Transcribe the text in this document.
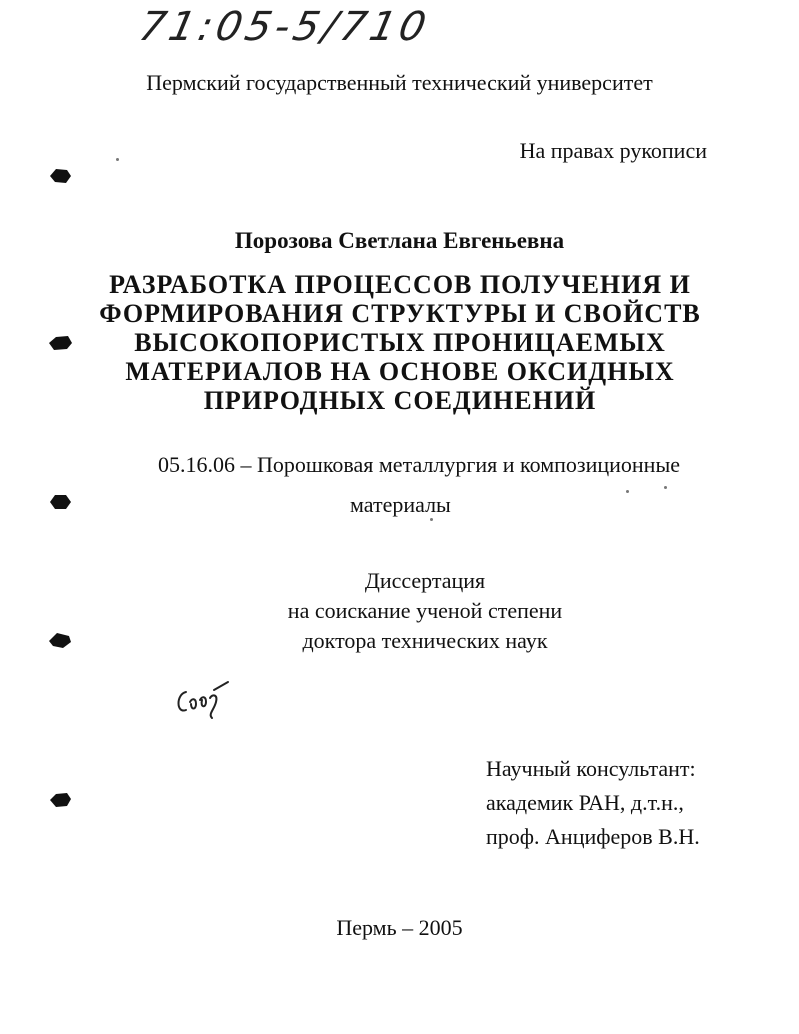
71:05-5/710
Пермский государственный технический университет
На правах рукописи
Порозова Светлана Евгеньевна
РАЗРАБОТКА ПРОЦЕССОВ ПОЛУЧЕНИЯ И
ФОРМИРОВАНИЯ СТРУКТУРЫ И СВОЙСТВ
ВЫСОКОПОРИСТЫХ ПРОНИЦАЕМЫХ
МАТЕРИАЛОВ НА ОСНОВЕ ОКСИДНЫХ
ПРИРОДНЫХ СОЕДИНЕНИЙ
05.16.06 – Порошковая металлургия и композиционные
материалы
Диссертация
на соискание ученой степени
доктора технических наук
Научный консультант:
академик РАН, д.т.н.,
проф. Анциферов В.Н.
Пермь – 2005
